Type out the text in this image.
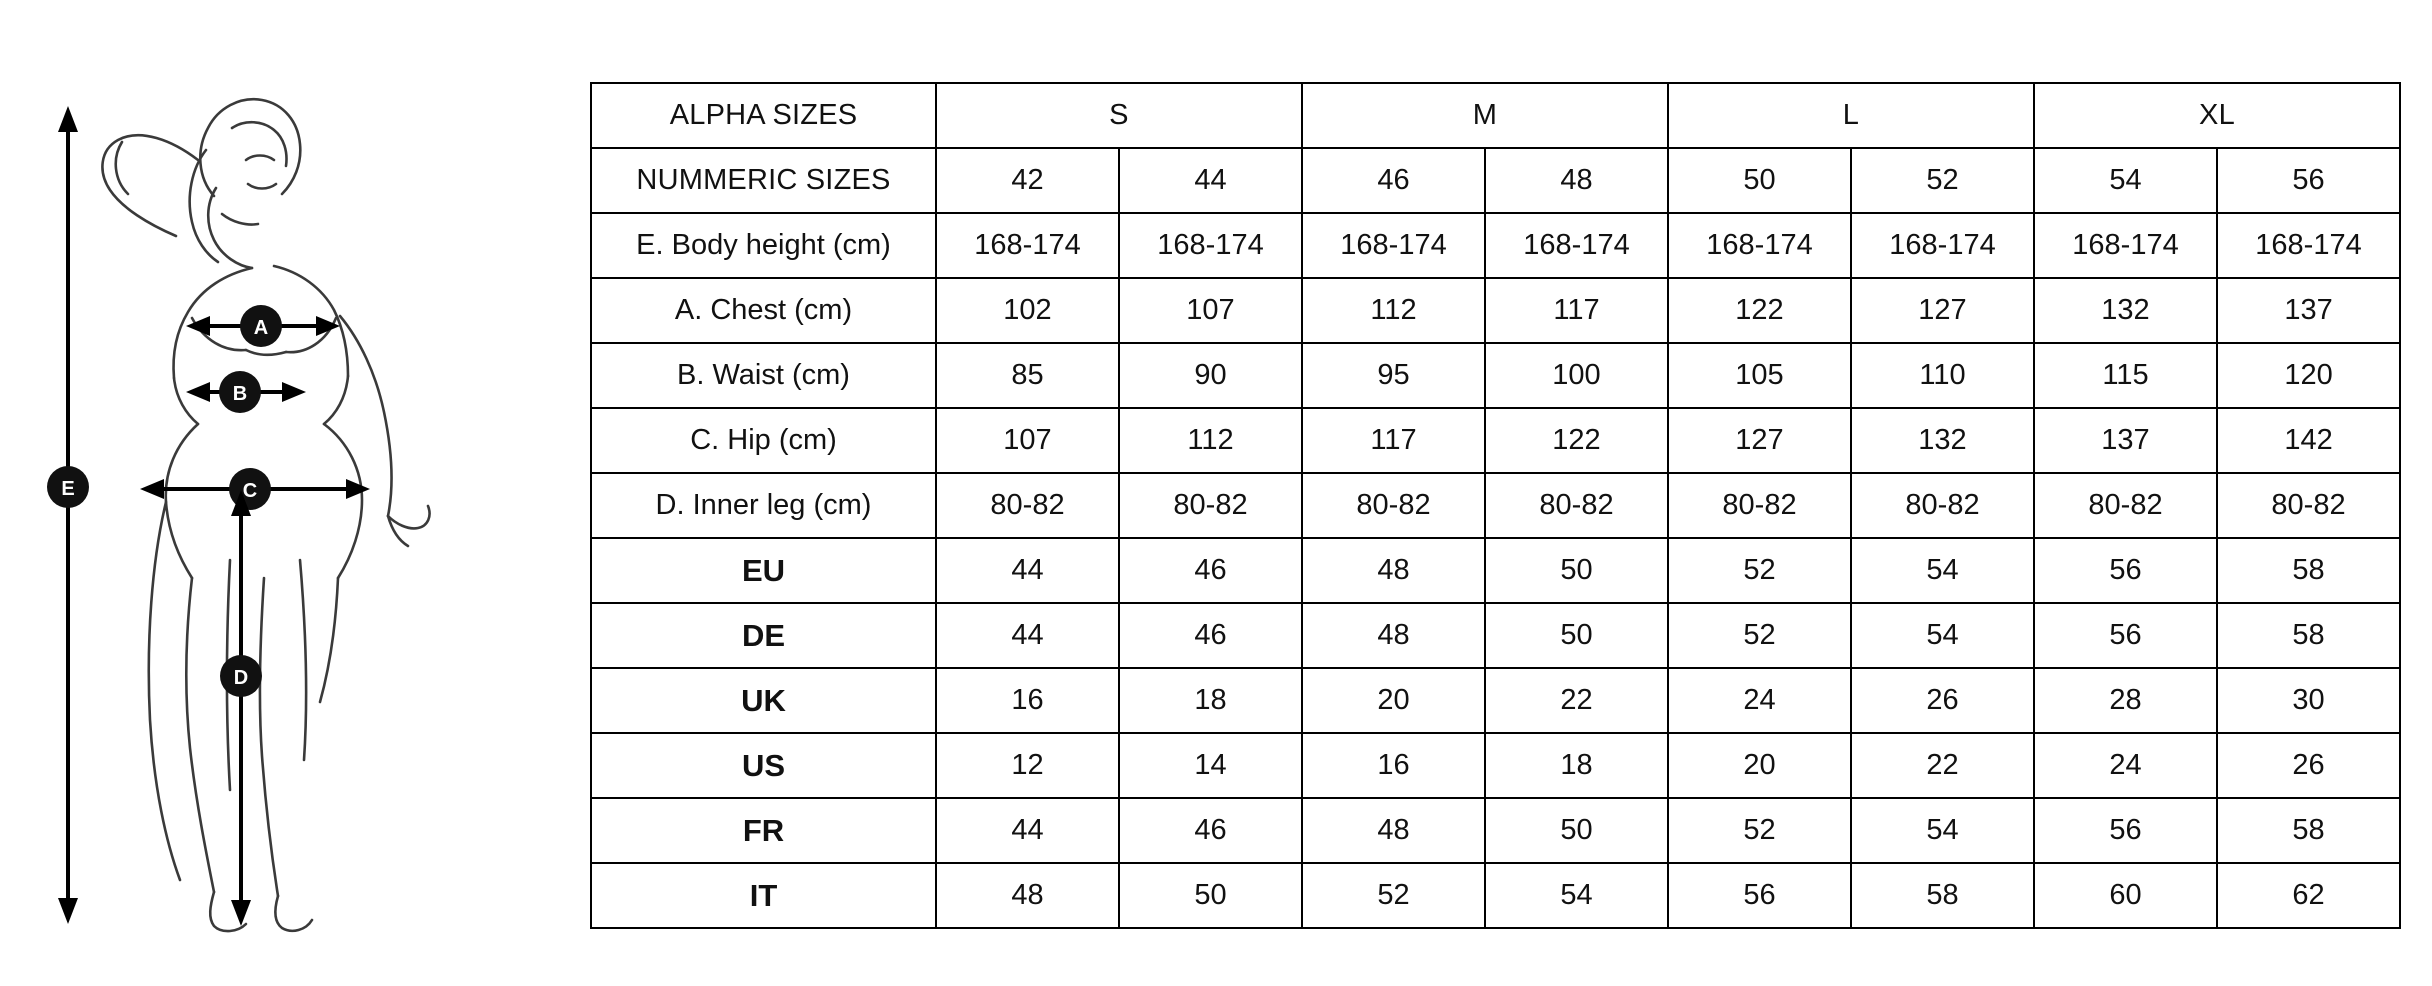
E
A
B
C
D
ALPHA SIZES	S		M		L		XL	
NUMMERIC SIZES	42	44	46	48	50	52	54	56
E. Body height (cm)	168-174	168-174	168-174	168-174	168-174	168-174	168-174	168-174
A. Chest (cm)	102	107	112	117	122	127	132	137
B. Waist (cm)	85	90	95	100	105	110	115	120
C. Hip (cm)	107	112	117	122	127	132	137	142
D. Inner leg (cm)	80-82	80-82	80-82	80-82	80-82	80-82	80-82	80-82
EU	44	46	48	50	52	54	56	58
DE	44	46	48	50	52	54	56	58
UK	16	18	20	22	24	26	28	30
US	12	14	16	18	20	22	24	26
FR	44	46	48	50	52	54	56	58
IT	48	50	52	54	56	58	60	62
